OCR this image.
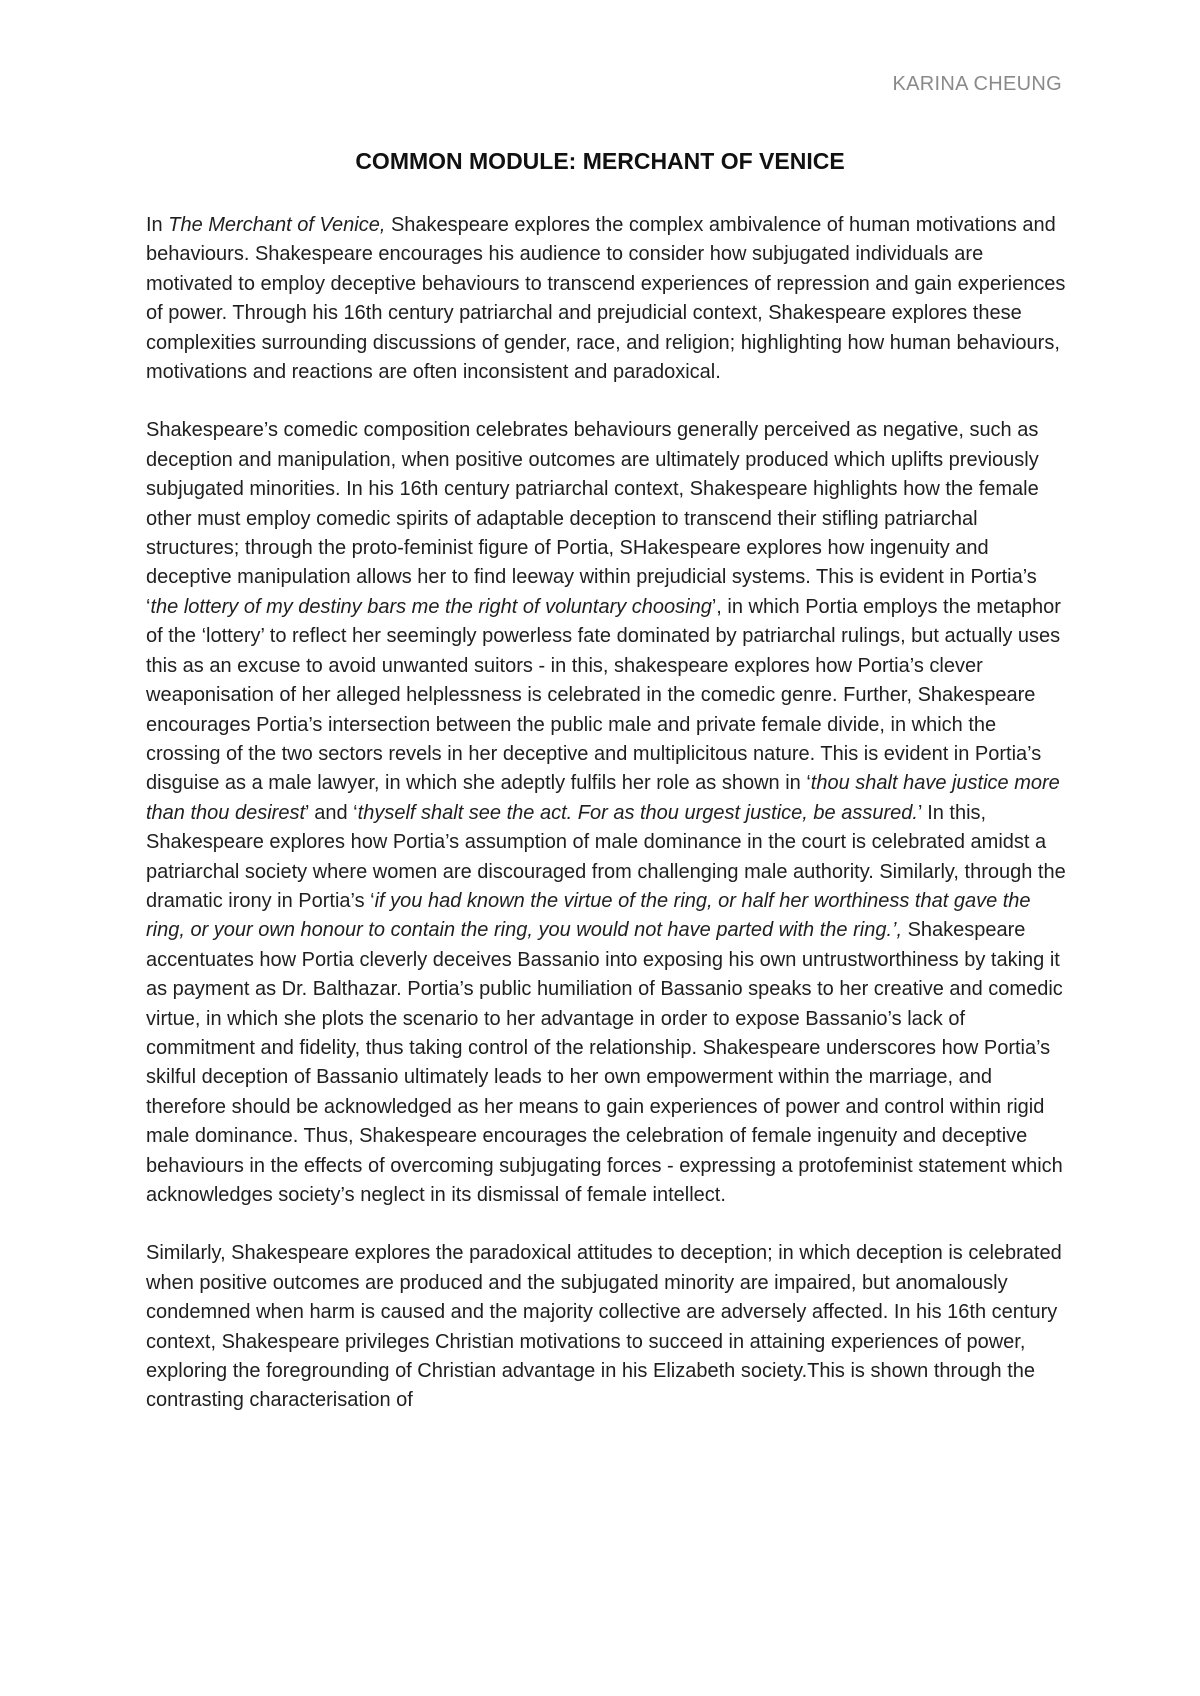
KARINA CHEUNG
COMMON MODULE: MERCHANT OF VENICE

In The Merchant of Venice, Shakespeare explores the complex ambivalence of human motivations and behaviours. Shakespeare encourages his audience to consider how subjugated individuals are motivated to employ deceptive behaviours to transcend experiences of repression and gain experiences of power. Through his 16th century patriarchal and prejudicial context, Shakespeare explores these complexities surrounding discussions of gender, race, and religion; highlighting how human behaviours, motivations and reactions are often inconsistent and paradoxical.

Shakespeare’s comedic composition celebrates behaviours generally perceived as negative, such as deception and manipulation, when positive outcomes are ultimately produced which uplifts previously subjugated minorities. In his 16th century patriarchal context, Shakespeare highlights how the female other must employ comedic spirits of adaptable deception to transcend their stifling patriarchal structures; through the proto-feminist figure of Portia, SHakespeare explores how ingenuity and deceptive manipulation allows her to find leeway within prejudicial systems. This is evident in Portia’s ‘the lottery of my destiny bars me the right of voluntary choosing’, in which Portia employs the metaphor of the ‘lottery’ to reflect her seemingly powerless fate dominated by patriarchal rulings, but actually uses this as an excuse to avoid unwanted suitors - in this, shakespeare explores how Portia’s clever weaponisation of her alleged helplessness is celebrated in the comedic genre. Further, Shakespeare encourages Portia’s intersection between the public male and private female divide, in which the crossing of the two sectors revels in her deceptive and multiplicitous nature. This is evident in Portia’s disguise as a male lawyer, in which she adeptly fulfils her role as shown in ‘thou shalt have justice more than thou desirest’ and ‘thyself shalt see the act. For as thou urgest justice, be assured.’ In this, Shakespeare explores how Portia’s assumption of male dominance in the court is celebrated amidst a patriarchal society where women are discouraged from challenging male authority. Similarly, through the dramatic irony in Portia’s ‘if you had known the virtue of the ring, or half her worthiness that gave the ring, or your own honour to contain the ring, you would not have parted with the ring.’, Shakespeare accentuates how Portia cleverly deceives Bassanio into exposing his own untrustworthiness by taking it as payment as Dr. Balthazar. Portia’s public humiliation of Bassanio speaks to her creative and comedic virtue, in which she plots the scenario to her advantage in order to expose Bassanio’s lack of commitment and fidelity, thus taking control of the relationship. Shakespeare underscores how Portia’s skilful deception of Bassanio ultimately leads to her own empowerment within the marriage, and therefore should be acknowledged as her means to gain experiences of power and control within rigid male dominance. Thus, Shakespeare encourages the celebration of female ingenuity and deceptive behaviours in the effects of overcoming subjugating forces - expressing a protofeminist statement which acknowledges society’s neglect in its dismissal of female intellect.

Similarly, Shakespeare explores the paradoxical attitudes to deception; in which deception is celebrated when positive outcomes are produced and the subjugated minority are impaired, but anomalously condemned when harm is caused and the majority collective are adversely affected. In his 16th century context, Shakespeare privileges Christian motivations to succeed in attaining experiences of power, exploring the foregrounding of Christian advantage in his Elizabeth society.This is shown through the contrasting characterisation of
